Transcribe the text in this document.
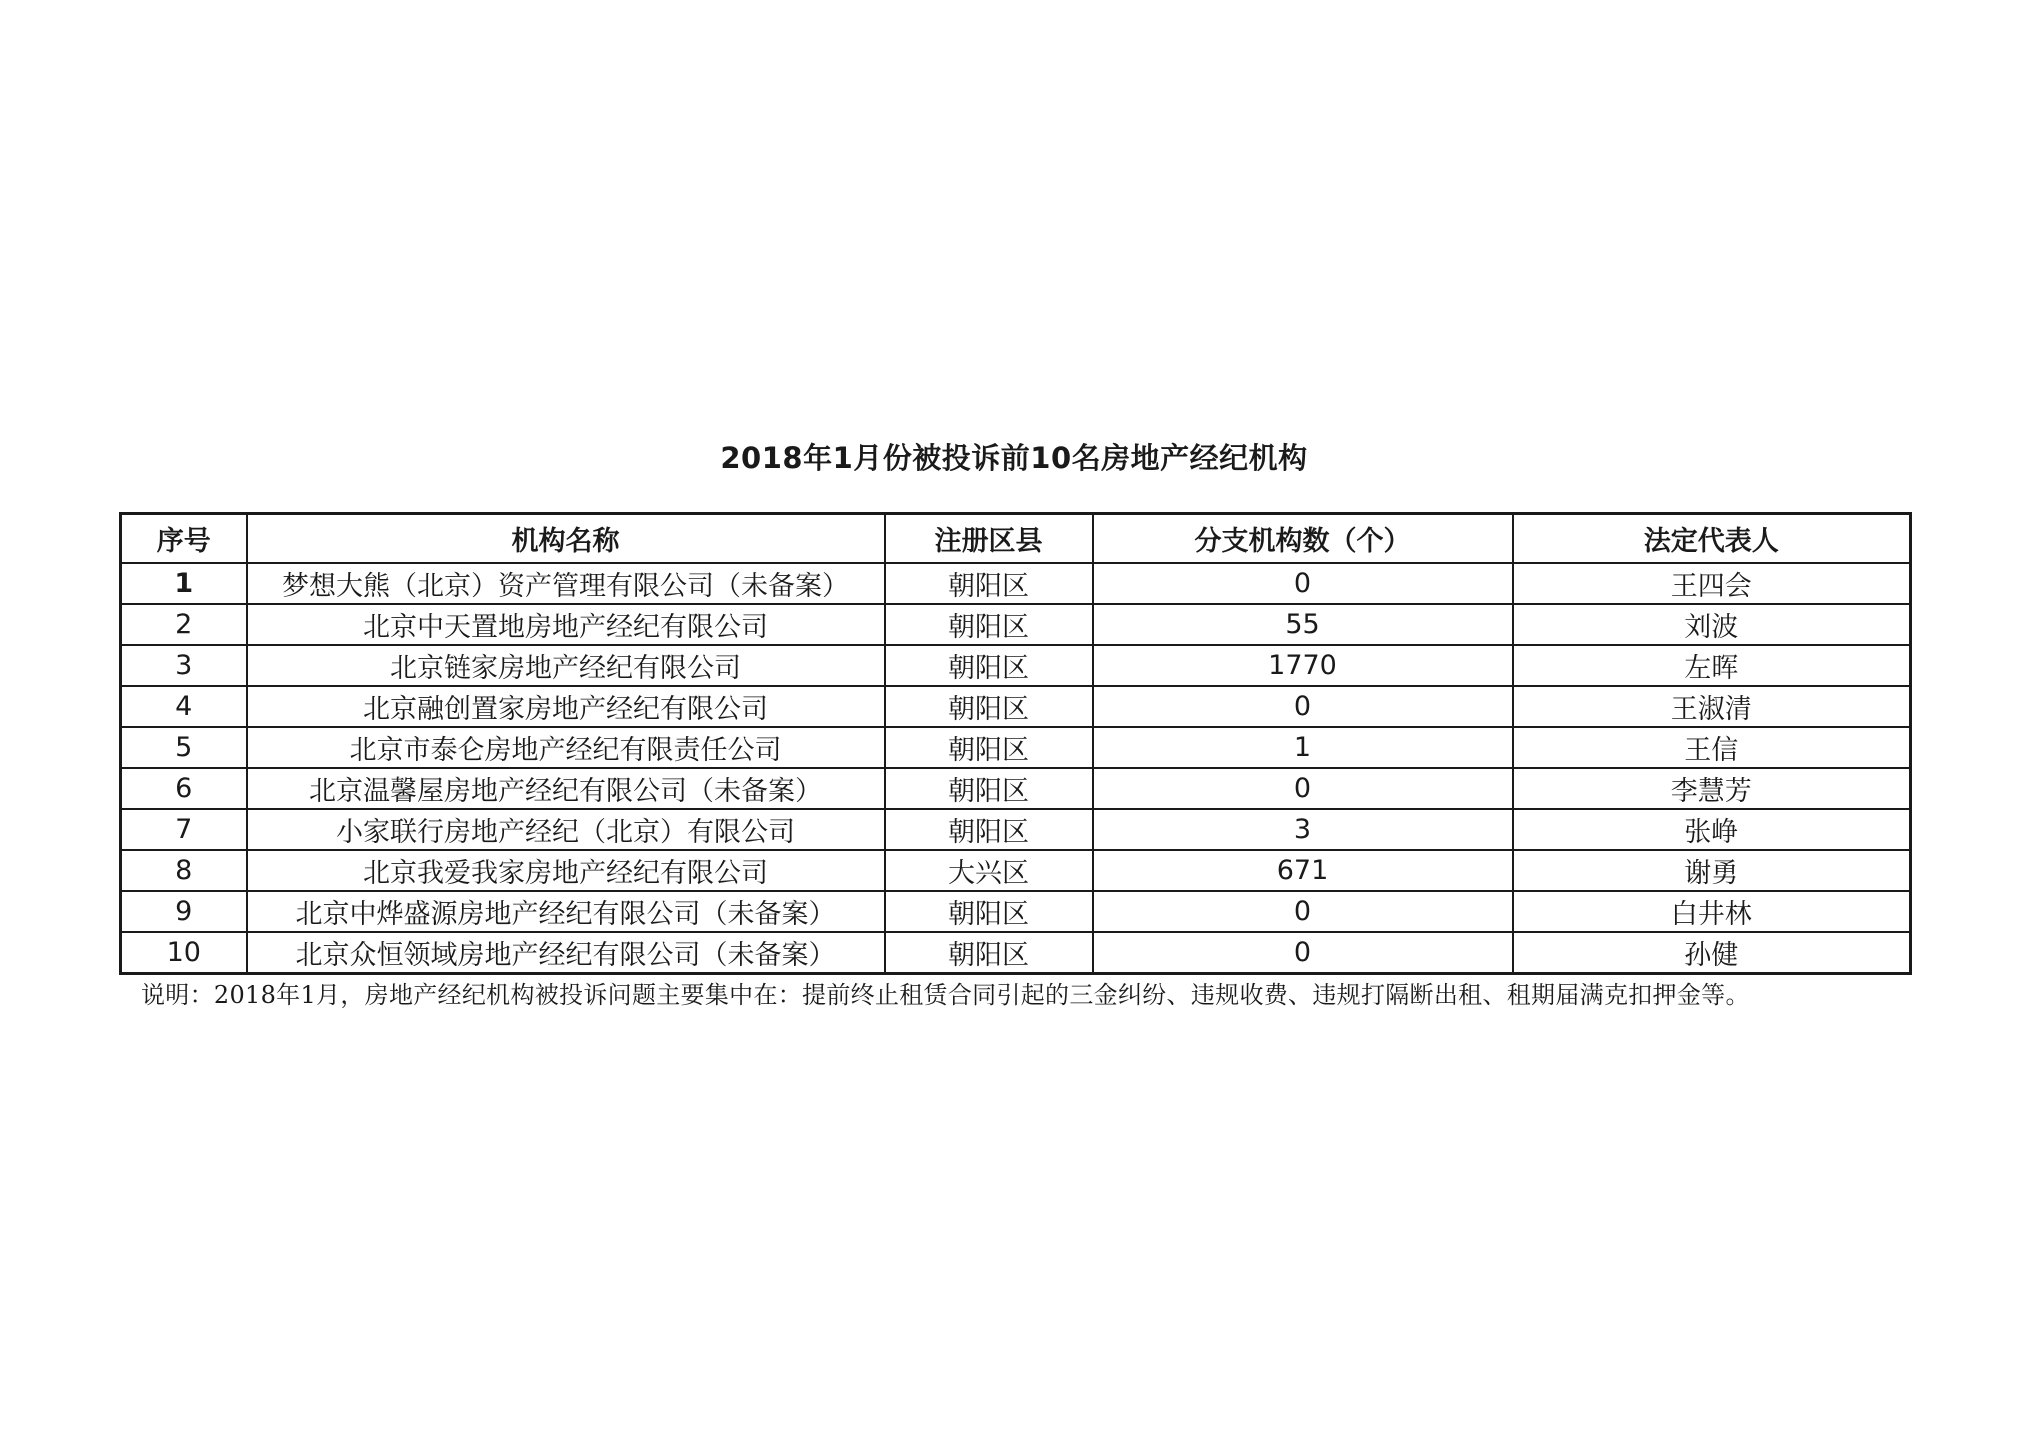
2018年1月份被投诉前10名房地产经纪机构
序号	机构名称	注册区县	分支机构数（个）	法定代表人
1	梦想大熊（北京）资产管理有限公司（未备案）	朝阳区	0	王四会
2	北京中天置地房地产经纪有限公司	朝阳区	55	刘波
3	北京链家房地产经纪有限公司	朝阳区	1770	左晖
4	北京融创置家房地产经纪有限公司	朝阳区	0	王淑清
5	北京市泰仑房地产经纪有限责任公司	朝阳区	1	王信
6	北京温馨屋房地产经纪有限公司（未备案）	朝阳区	0	李慧芳
7	小家联行房地产经纪（北京）有限公司	朝阳区	3	张峥
8	北京我爱我家房地产经纪有限公司	大兴区	671	谢勇
9	北京中烨盛源房地产经纪有限公司（未备案）	朝阳区	0	白井林
10	北京众恒领域房地产经纪有限公司（未备案）	朝阳区	0	孙健
说明：2018年1月，房地产经纪机构被投诉问题主要集中在：提前终止租赁合同引起的三金纠纷、违规收费、违规打隔断出租、租期届满克扣押金等。
